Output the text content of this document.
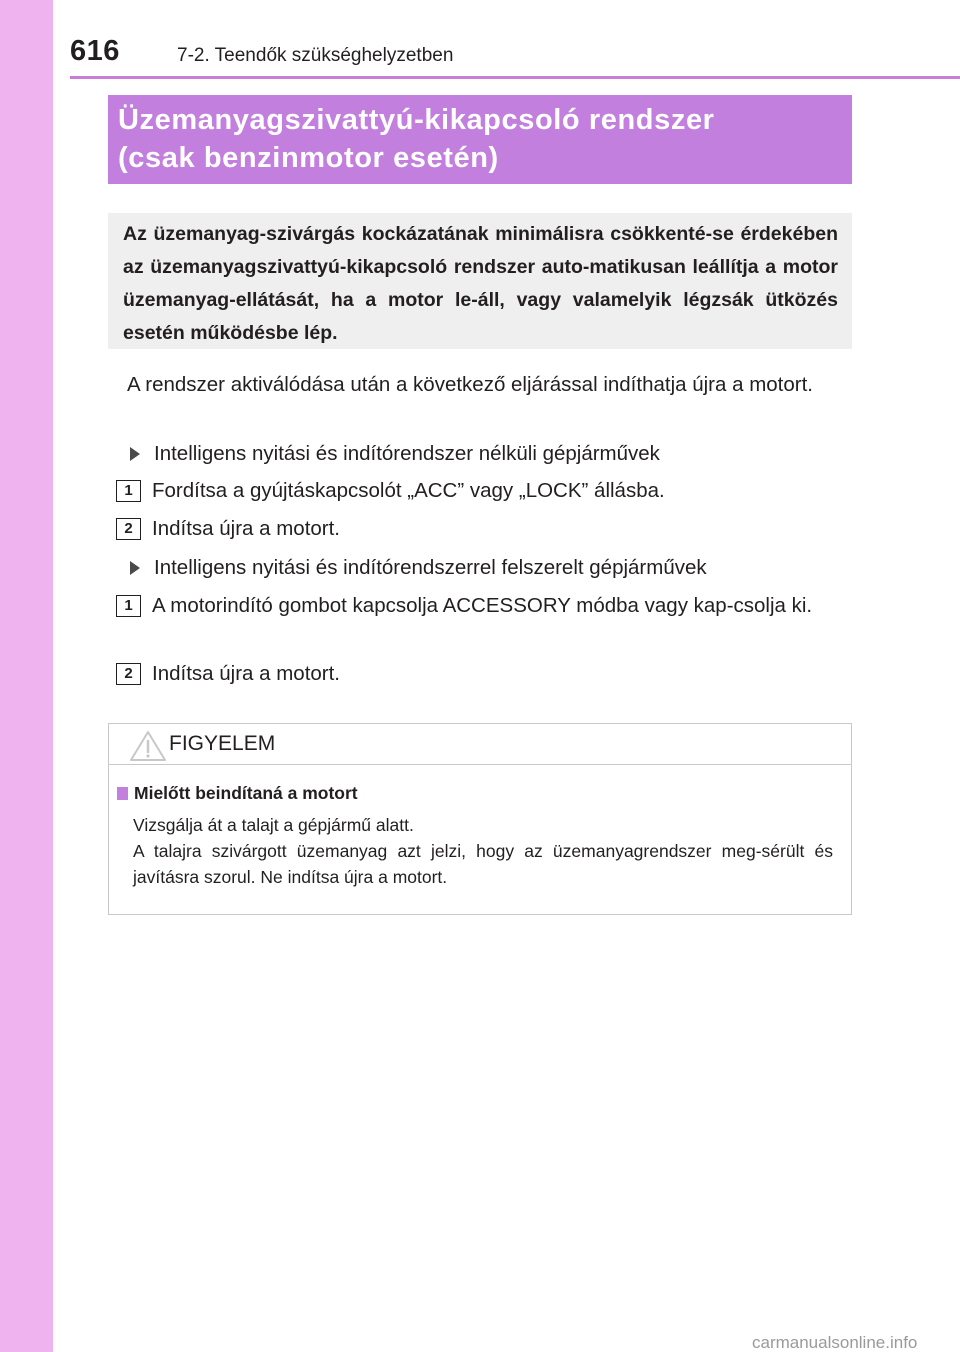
616	7-2. Teendők szükséghelyzetben

Üzemanyagszivattyú-kikapcsoló rendszer

(csak benzinmotor esetén)

Az üzemanyag-szivárgás kockázatának minimálisra csökkenté-se érdekében az üzemanyagszivattyú-kikapcsoló rendszer auto-matikusan leállítja a motor üzemanyag-ellátását, ha a motor le-áll, vagy valamelyik légzsák ütközés esetén működésbe lép.

A rendszer aktiválódása után a következő eljárással indíthatja újra a motort.

Intelligens nyitási és indítórendszer nélküli gépjárművek
1 Fordítsa a gyújtáskapcsolót „ACC” vagy „LOCK” állásba.

2 Indítsa újra a motort.

Intelligens nyitási és indítórendszerrel felszerelt gépjárművek
1 A motorindító gombot kapcsolja ACCESSORY módba vagy kap-csolja ki.

2 Indítsa újra a motort.

FIGYELEM
Mielőtt beindítaná a motort

Vizsgálja át a talajt a gépjármű alatt.
A talajra szivárgott üzemanyag azt jelzi, hogy az üzemanyagrendszer meg-sérült és javításra szorul. Ne indítsa újra a motort.

carmanualsonline.info
